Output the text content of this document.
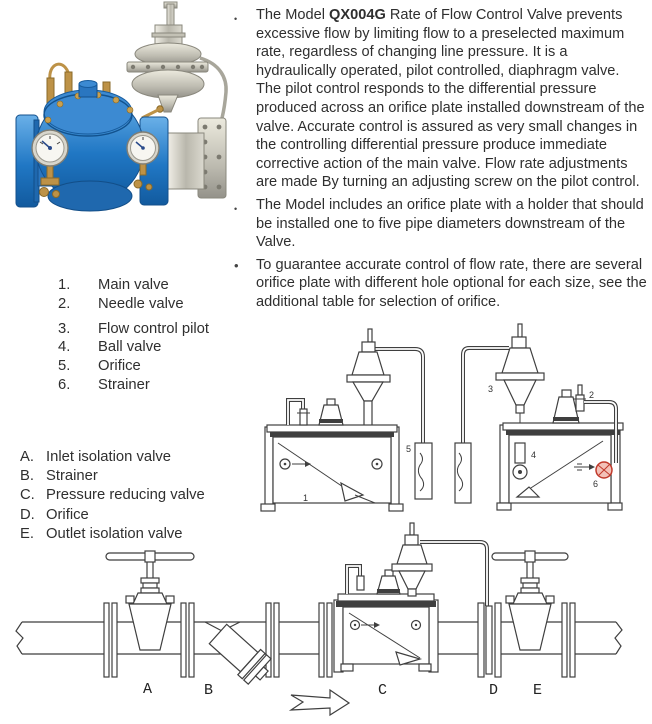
•	The Model QX004G Rate of Flow Control Valve prevents excessive flow by limiting flow to a preselected maximum rate, regardless of changing line pressure. It is a hydraulically operated, pilot controlled, diaphragm valve. The pilot control responds to the differential pressure produced across an orifice plate installed downstream of the valve. Accurate control is assured as very small changes in the controlling differential pressure produce immediate corrective action of the main valve. Flow rate adjustments are made By turning an adjusting screw on the pilot control.
•	The Model includes an orifice plate with a holder that should be installed one to five pipe diameters downstream of the Valve.
•	To guarantee accurate control of flow rate, there are several orifice plate with different hole optional for each size, see the additional table for selection of orifice.
1.	Main valve
2.	Needle valve
3.	Flow control pilot
4.	Ball valve
5.	Orifice
6.	Strainer
A. Inlet isolation valve
B. Strainer
C. Pressure reducing valve
D. Orifice
E. Outlet isolation valve
5
1
3
2
4
6
A	B	C	D E
